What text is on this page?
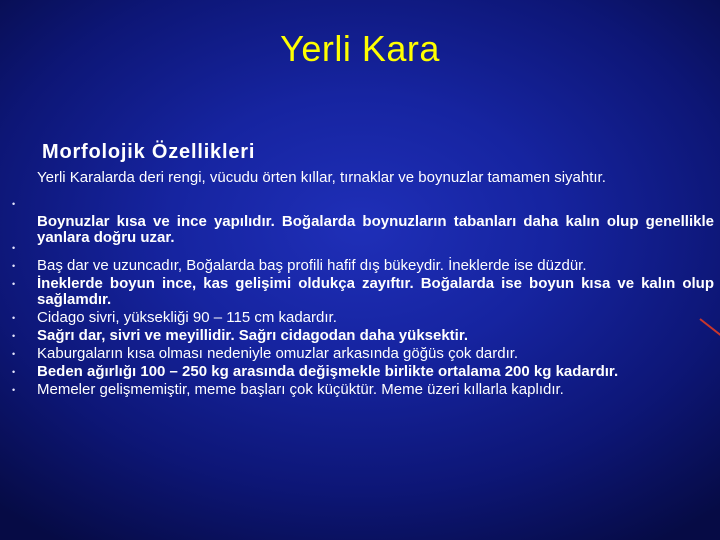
Yerli Kara
Morfolojik Özellikleri
•
Yerli Karalarda deri rengi, vücudu örten kıllar, tırnaklar ve boynuzlar tamamen siyahtır.
•
Boynuzlar kısa ve ince yapılıdır. Boğalarda boynuzların tabanları daha kalın olup genellikle yanlara doğru uzar.
•	Baş dar ve uzuncadır, Boğalarda baş profili hafif dış bükeydir. İneklerde ise düzdür.
•	İneklerde boyun ince, kas gelişimi oldukça zayıftır. Boğalarda ise boyun kısa ve kalın olup sağlamdır.
•	Cidago sivri, yüksekliği 90 – 115 cm kadardır.
•	Sağrı dar, sivri ve meyillidir. Sağrı cidagodan daha yüksektir.
•	Kaburgaların kısa olması nedeniyle omuzlar arkasında göğüs çok dardır.
•	Beden ağırlığı 100 – 250 kg arasında değişmekle birlikte ortalama 200 kg kadardır.
•	Memeler gelişmemiştir, meme başları çok küçüktür. Meme üzeri kıllarla kaplıdır.
